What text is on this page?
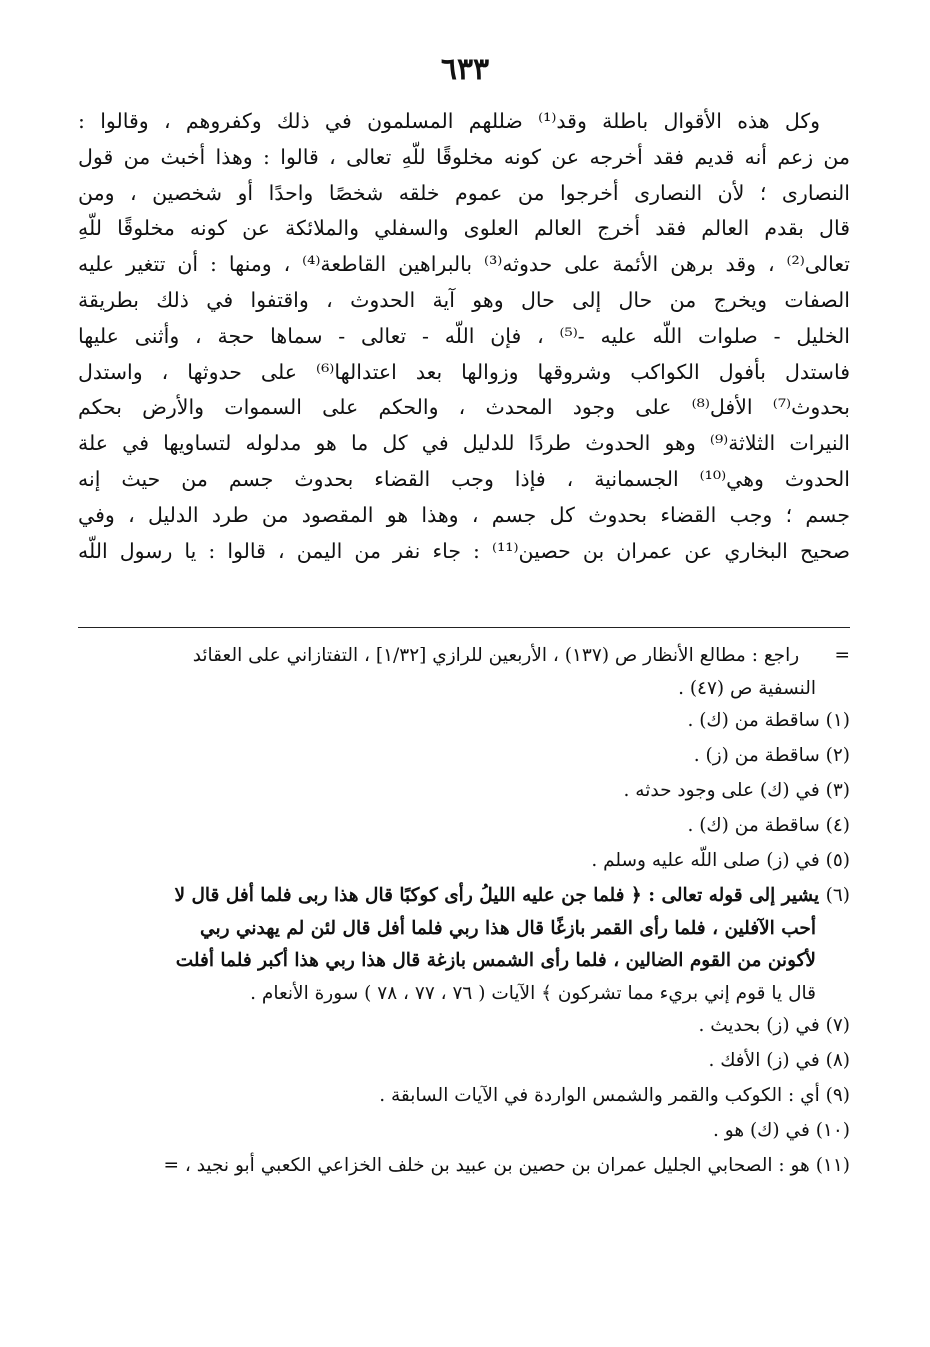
٦٣٣
وكل هذه الأقوال باطلة وقد⁽¹⁾ ضللهم المسلمون في ذلك وكفروهم ، وقالوا :
من زعم أنه قديم فقد أخرجه عن كونه مخلوقًا للّهِ تعالى ، قالوا : وهذا أخبث من قول
النصارى ؛ لأن النصارى أخرجوا من عموم خلقه شخصًا واحدًا أو شخصين ، ومن
قال بقدم العالم فقد أخرج العالم العلوى والسفلي والملائكة عن كونه مخلوقًا للّهِ
تعالى⁽²⁾ ، وقد برهن الأئمة على حدوثه⁽³⁾ بالبراهين القاطعة⁽⁴⁾ ، ومنها : أن تتغير عليه
الصفات ويخرج من حال إلى حال وهو آية الحدوث ، واقتفوا في ذلك بطريقة
الخليل - صلوات اللّه عليه -⁽⁵⁾ ، فإن اللّه - تعالى - سماها حجة ، وأثنى عليها
فاستدل بأفول الكواكب وشروقها وزوالها بعد اعتدالها⁽⁶⁾ على حدوثها ، واستدل
بحدوث⁽⁷⁾ الأفل⁽⁸⁾ على وجود المحدث ، والحكم على السموات والأرض بحكم
النيرات الثلاثة⁽⁹⁾ وهو الحدوث طردًا للدليل في كل ما هو مدلوله لتساويها في علة
الحدوث وهي⁽¹⁰⁾ الجسمانية ، فإذا وجب القضاء بحدوث جسم من حيث إنه
جسم ؛ وجب القضاء بحدوث كل جسم ، وهذا هو المقصود من طرد الدليل ، وفي
صحيح البخاري عن عمران بن حصين⁽¹¹⁾ : جاء نفر من اليمن ، قالوا : يا رسول اللّه
=      راجع : مطالع الأنظار ص (١٣٧) ، الأربعين للرازي [١/٣٢] ، التفتازاني على العقائد
النسفية ص (٤٧) .
(١) ساقطة من (ك) .
(٢) ساقطة من (ز) .
(٣) في (ك) على وجود حدثه .
(٤) ساقطة من (ك) .
(٥) في (ز) صلى اللّه عليه وسلم .
(٦) يشير إلى قوله تعالى : ﴿ فلما جن عليه الليلُ رأى كوكبًا قال هذا ربى فلما أفل قال لا
أحب الآفلين ، فلما رأى القمر بازغًا قال هذا ربي فلما أفل قال لئن لم يهدني ربي
لأكونن من القوم الضالين ، فلما رأى الشمس بازغة قال هذا ربي هذا أكبر فلما أفلت
قال يا قوم إني بريء مما تشركون ﴾ الآيات ( ٧٦ ، ٧٧ ، ٧٨ ) سورة الأنعام .
(٧) في (ز) بحديث .
(٨) في (ز) الأفك .
(٩) أي : الكوكب والقمر والشمس الواردة في الآيات السابقة .
(١٠) في (ك) هو .
(١١) هو : الصحابي الجليل عمران بن حصين بن عبيد بن خلف الخزاعي الكعبي أبو نجيد ، =
